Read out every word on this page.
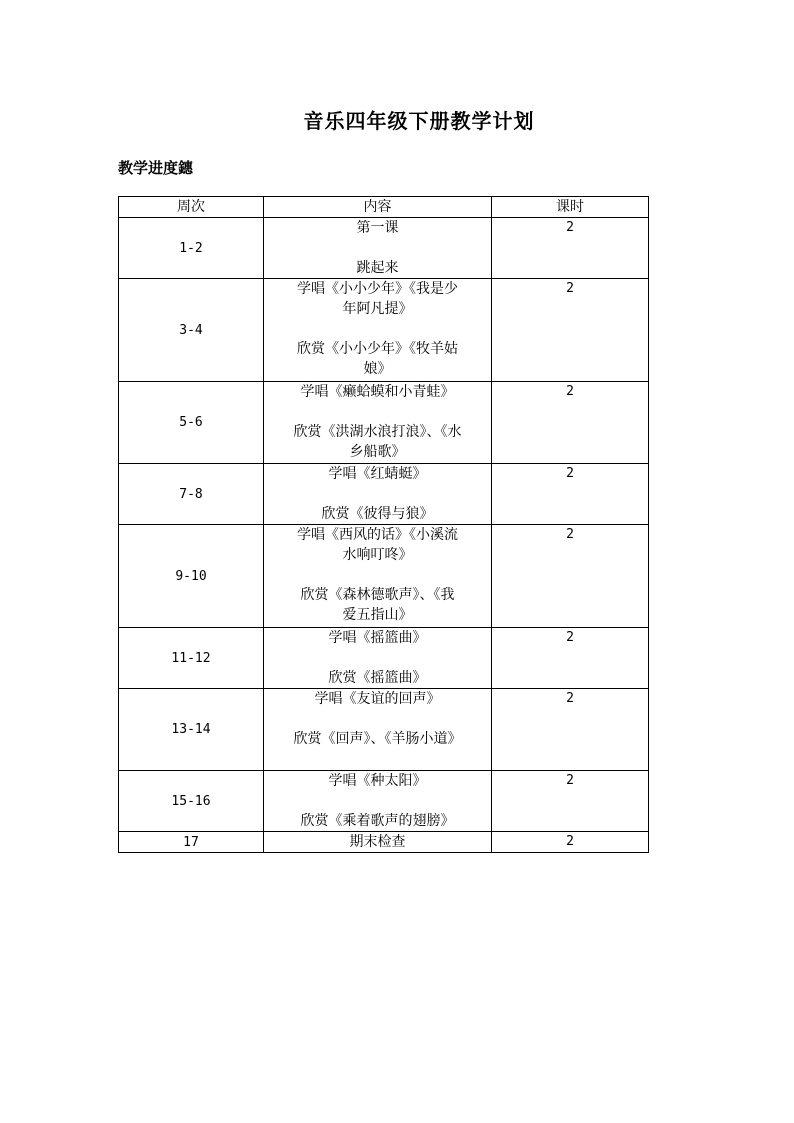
音乐四年级下册教学计划
教学进度鏸
周次	内容	课时
1-2	第一课
跳起来	2
3-4	学唱《小小少年》《我是少
年阿凡提》
欣赏《小小少年》《牧羊姑
娘》	2
5-6	学唱《癞蛤蟆和小青蛙》
欣赏《洪湖水浪打浪》、《水
乡船歌》	2
7-8	学唱《红蜻蜓》
欣赏《彼得与狼》	2
9-10	学唱《西风的话》《小溪流
水响叮咚》
欣赏《森林德歌声》、《我
爱五指山》	2
11-12	学唱《摇篮曲》
欣赏《摇篮曲》	2
13-14	学唱《友谊的回声》
欣赏《回声》、《羊肠小道》	2
15-16	学唱《种太阳》
欣赏《乘着歌声的翅膀》	2
17	期末检查	2
